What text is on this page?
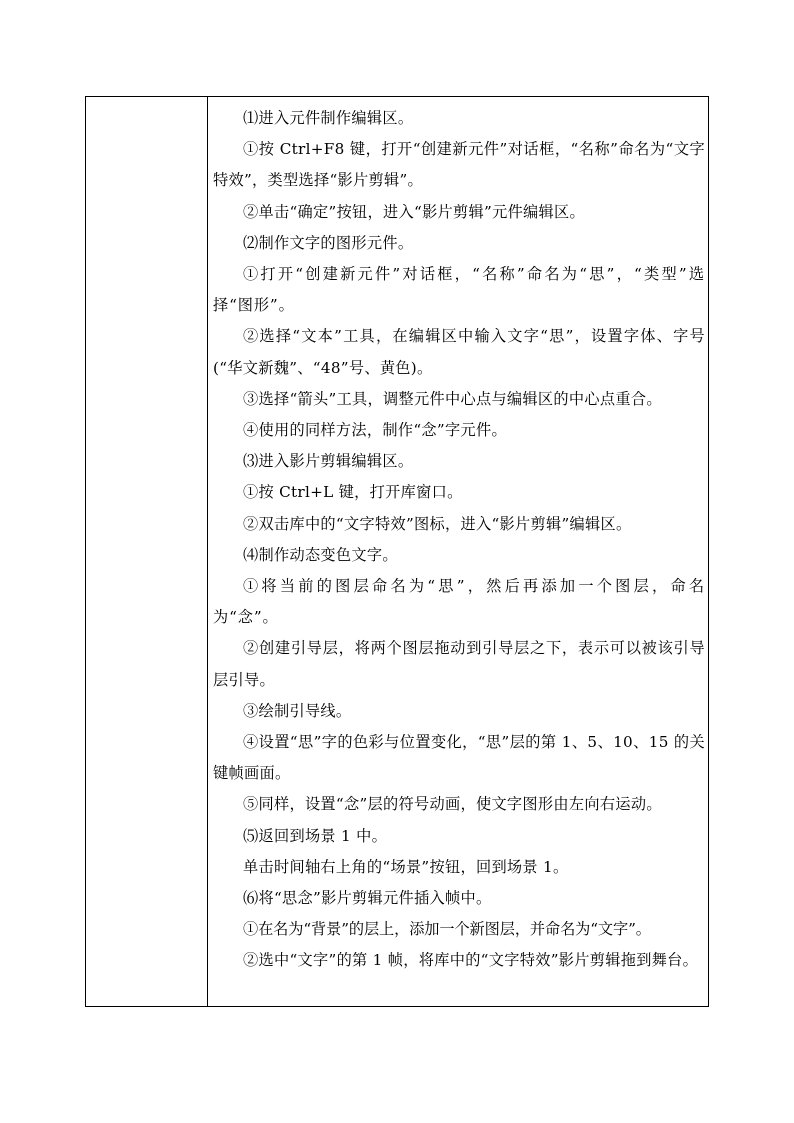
⑴进入元件制作编辑区。

①按 Ctrl+F8 键，打开“创建新元件”对话框，“名称”命名为“文字特效”，类型选择“影片剪辑”。

②单击“确定”按钮，进入“影片剪辑”元件编辑区。

⑵制作文字的图形元件。

①打开“创建新元件”对话框，“名称”命名为“思”，“类型”选择“图形”。

②选择“文本”工具，在编辑区中输入文字“思”，设置字体、字号(“华文新魏”、“48”号、黄色)。

③选择“箭头”工具，调整元件中心点与编辑区的中心点重合。

④使用的同样方法，制作“念”字元件。

⑶进入影片剪辑编辑区。

①按 Ctrl+L 键，打开库窗口。

②双击库中的“文字特效”图标，进入“影片剪辑”编辑区。

⑷制作动态变色文字。

①将当前的图层命名为“思”，然后再添加一个图层，命名为“念”。

②创建引导层，将两个图层拖动到引导层之下，表示可以被该引导层引导。

③绘制引导线。

④设置“思”字的色彩与位置变化，“思”层的第 1、5、10、15 的关键帧画面。

⑤同样，设置“念”层的符号动画，使文字图形由左向右运动。

⑸返回到场景 1 中。

单击时间轴右上角的“场景”按钮，回到场景 1。

⑹将“思念”影片剪辑元件插入帧中。

①在名为“背景”的层上，添加一个新图层，并命名为“文字”。

②选中“文字”的第 1 帧，将库中的“文字特效”影片剪辑拖到舞台。
